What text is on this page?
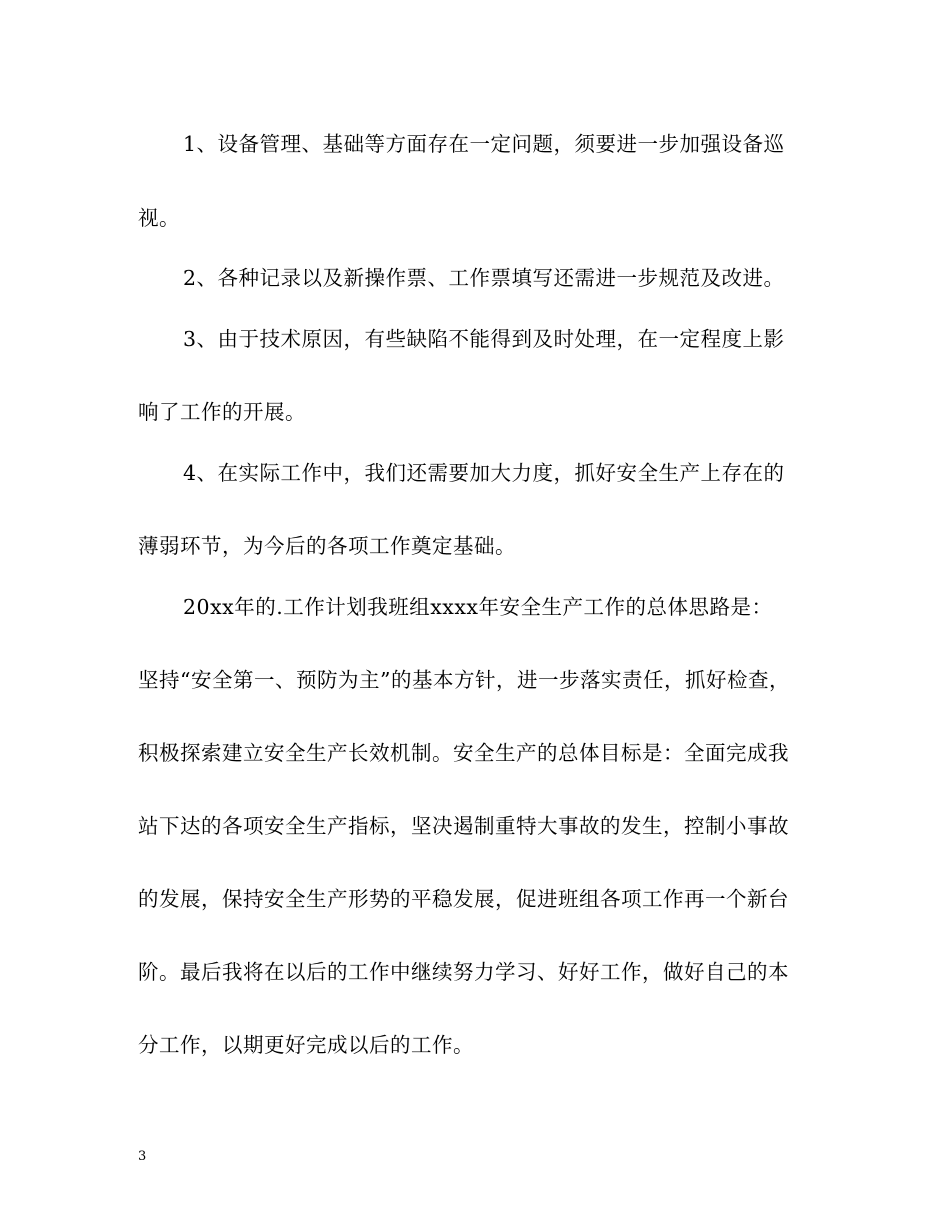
1、设备管理、基础等方面存在一定问题，须要进一步加强设备巡
视。
2、各种记录以及新操作票、工作票填写还需进一步规范及改进。
3、由于技术原因，有些缺陷不能得到及时处理，在一定程度上影
响了工作的开展。
4、在实际工作中，我们还需要加大力度，抓好安全生产上存在的
薄弱环节，为今后的各项工作奠定基础。
20xx年的.工作计划我班组xxxx年安全生产工作的总体思路是：
坚持“安全第一、预防为主”的基本方针，进一步落实责任，抓好检查，
积极探索建立安全生产长效机制。安全生产的总体目标是：全面完成我
站下达的各项安全生产指标，坚决遏制重特大事故的发生，控制小事故
的发展，保持安全生产形势的平稳发展，促进班组各项工作再一个新台
阶。最后我将在以后的工作中继续努力学习、好好工作，做好自己的本
分工作，以期更好完成以后的工作。
3
